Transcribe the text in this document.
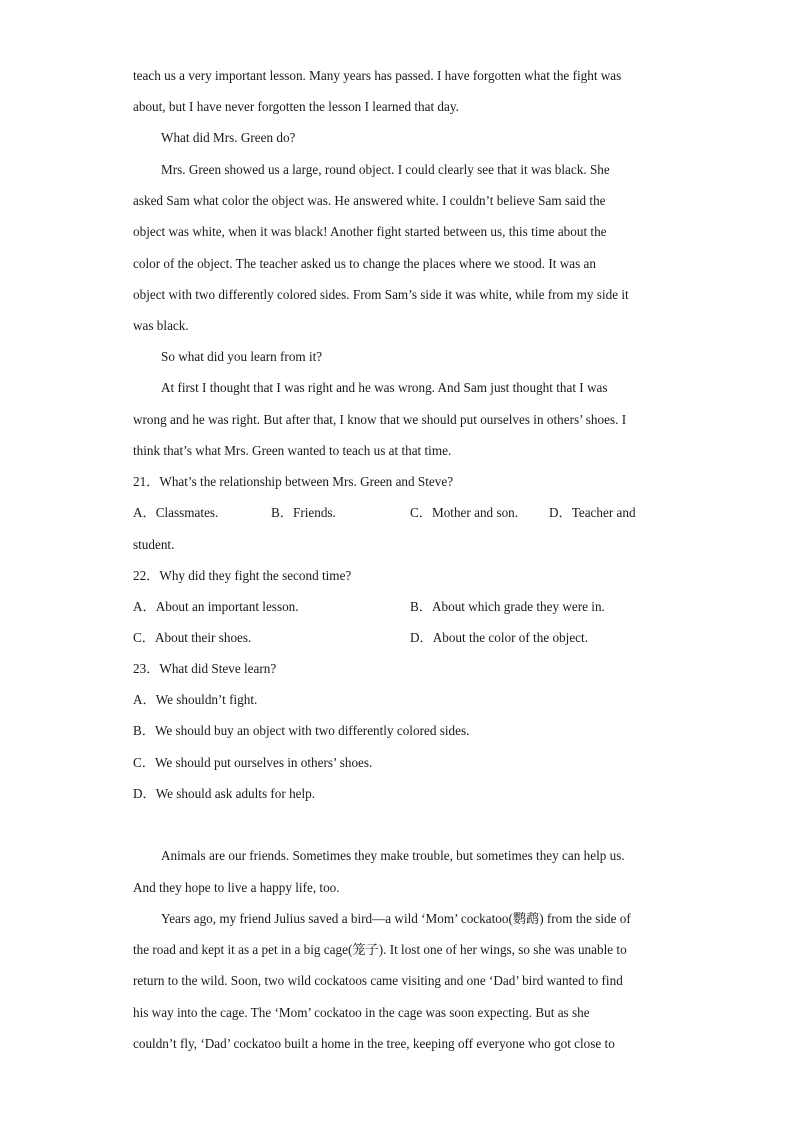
teach us a very important lesson. Many years has passed. I have forgotten what the fight was
about, but I have never forgotten the lesson I learned that day.
What did Mrs. Green do?
Mrs. Green showed us a large, round object. I could clearly see that it was black. She
asked Sam what color the object was. He answered white. I couldn’t believe Sam said the
object was white, when it was black! Another fight started between us, this time about the
color of the object. The teacher asked us to change the places where we stood. It was an
object with two differently colored sides. From Sam’s side it was white, while from my side it
was black.
So what did you learn from it?
At first I thought that I was right and he was wrong. And Sam just thought that I was
wrong and he was right. But after that, I know that we should put ourselves in others’ shoes. I
think that’s what Mrs. Green wanted to teach us at that time.
21．What’s the relationship between Mrs. Green and Steve?
A．Classmates.	B．Friends.	C．Mother and son. D．Teacher and
student.
22．Why did they fight the second time?
A．About an important lesson.	B．About which grade they were in.
C．About their shoes.	D．About the color of the object.
23．What did Steve learn?
A．We shouldn’t fight.
B．We should buy an object with two differently colored sides.
C．We should put ourselves in others’ shoes.
D．We should ask adults for help.
Animals are our friends. Sometimes they make trouble, but sometimes they can help us.
And they hope to live a happy life, too.
Years ago, my friend Julius saved a bird—a wild ‘Mom’ cockatoo(鹦鹉) from the side of
the road and kept it as a pet in a big cage(笼子). It lost one of her wings, so she was unable to
return to the wild. Soon, two wild cockatoos came visiting and one ‘Dad’ bird wanted to find
his way into the cage. The ‘Mom’ cockatoo in the cage was soon expecting. But as she
couldn’t fly, ‘Dad’ cockatoo built a home in the tree, keeping off everyone who got close to
